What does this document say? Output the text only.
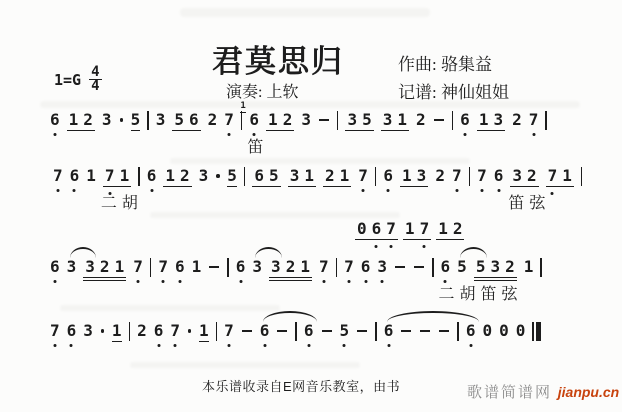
$1=G \frac{4}{4}$
君莫思归	作曲: 骆集益
演奏: 上软	记谱: 神仙姐姐
6 1 2 3 5 3 5 6 2 7 6
1
笛
1 2 3 3 5 3 1 2 6 1 3 2 7
7 6 1 7 1
二胡
6 1 2 3 5 6 5 3 1 2 1 7 6 1 3 2 7 7 6 3 2
笛弦
7 1
0 6 7 1 7 1 2
6 3 3 2 1 7 7 6 1 6 3 3 2 1 7 7 6 3	6
二胡笛弦
5 5 3 2 1
7 6 3 1 2 6 7 1 7 6 6 5 6	6 0 0 0
本乐谱收录自E网音乐教室，由书	歌谱简谱网 jianpu.cn
